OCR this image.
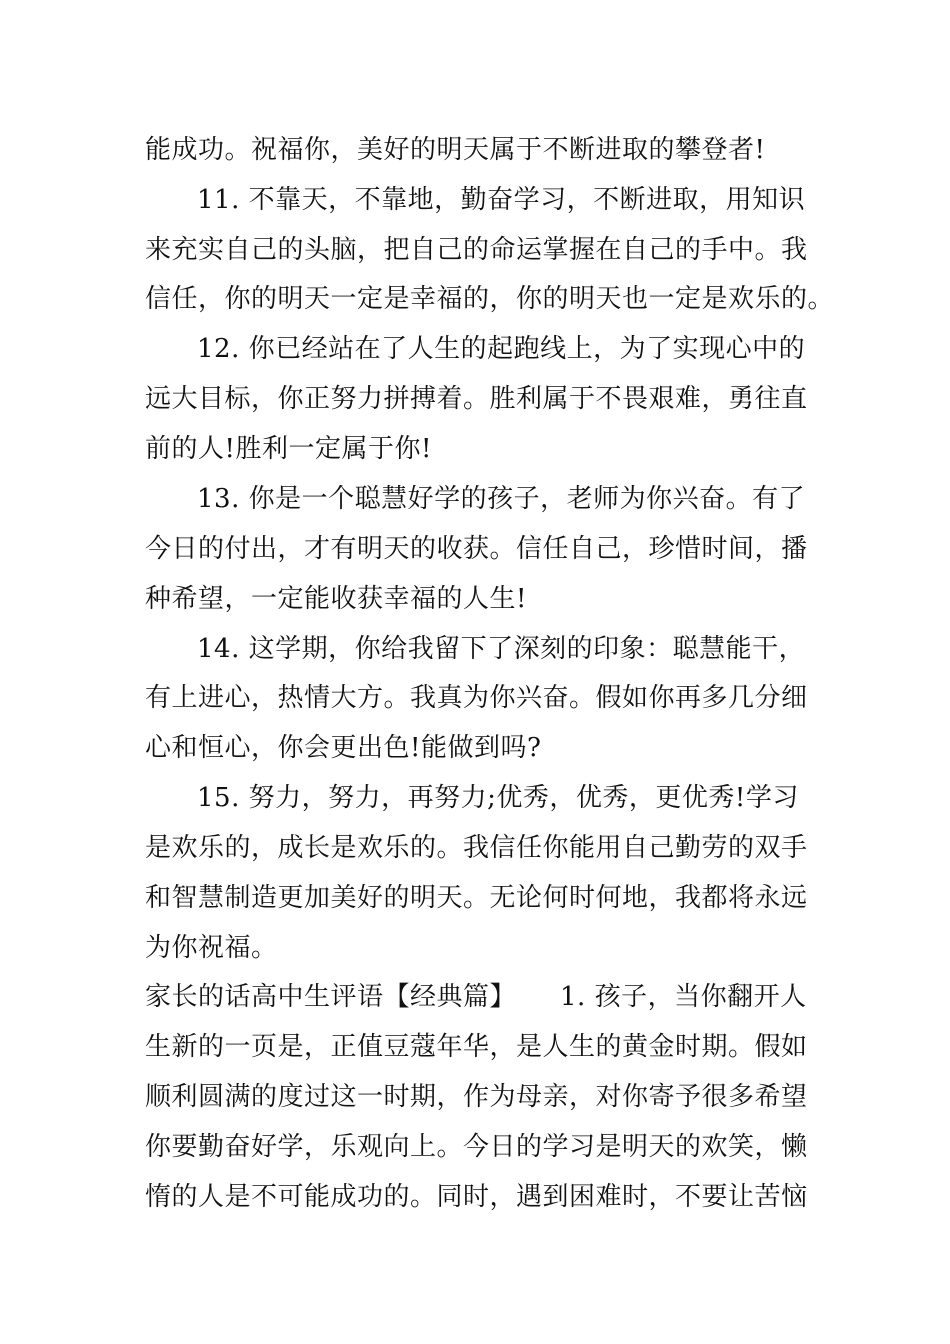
能成功。祝福你，美好的明天属于不断进取的攀登者!
11. 不靠天，不靠地，勤奋学习，不断进取，用知识
来充实自己的头脑，把自己的命运掌握在自己的手中。我
信任，你的明天一定是幸福的，你的明天也一定是欢乐的。
12. 你已经站在了人生的起跑线上，为了实现心中的
远大目标，你正努力拼搏着。胜利属于不畏艰难，勇往直
前的人!胜利一定属于你!
13. 你是一个聪慧好学的孩子，老师为你兴奋。有了
今日的付出，才有明天的收获。信任自己，珍惜时间，播
种希望，一定能收获幸福的人生!
14. 这学期，你给我留下了深刻的印象：聪慧能干，
有上进心，热情大方。我真为你兴奋。假如你再多几分细
心和恒心，你会更出色!能做到吗?
15. 努力，努力，再努力;优秀，优秀，更优秀!学习
是欢乐的，成长是欢乐的。我信任你能用自己勤劳的双手
和智慧制造更加美好的明天。无论何时何地，我都将永远
为你祝福。
家长的话高中生评语【经典篇】 1. 孩子，当你翻开人
生新的一页是，正值豆蔻年华，是人生的黄金时期。假如
顺利圆满的度过这一时期，作为母亲，对你寄予很多希望
你要勤奋好学，乐观向上。今日的学习是明天的欢笑，懒
惰的人是不可能成功的。同时，遇到困难时，不要让苦恼
